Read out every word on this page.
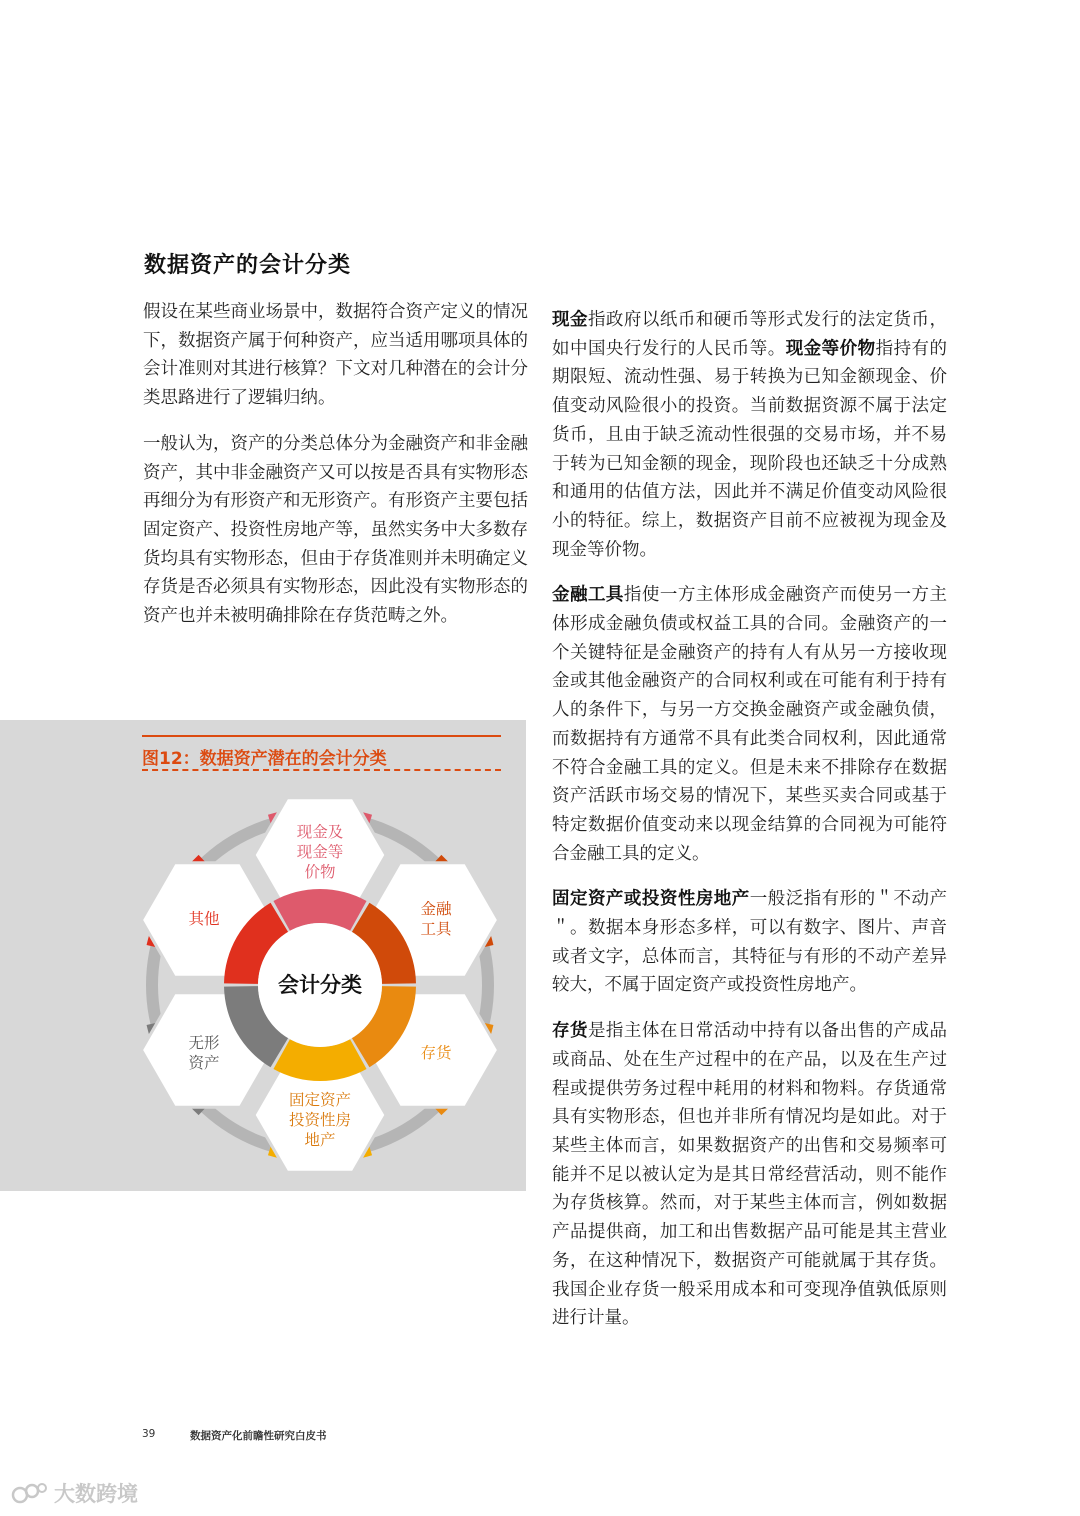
数据资产的会计分类

假设在某些商业场景中，数据符合资产定义的情况下，数据资产属于何种资产，应当适用哪项具体的会计准则对其进行核算？下文对几种潜在的会计分类思路进行了逻辑归纳。

一般认为，资产的分类总体分为金融资产和非金融资产，其中非金融资产又可以按是否具有实物形态再细分为有形资产和无形资产。有形资产主要包括固定资产、投资性房地产等，虽然实务中大多数存货均具有实物形态，但由于存货准则并未明确定义存货是否必须具有实物形态，因此没有实物形态的资产也并未被明确排除在存货范畴之外。

现金指政府以纸币和硬币等形式发行的法定货币，如中国央行发行的人民币等。现金等价物指持有的期限短、流动性强、易于转换为已知金额现金、价值变动风险很小的投资。当前数据资源不属于法定货币，且由于缺乏流动性很强的交易市场，并不易于转为已知金额的现金，现阶段也还缺乏十分成熟和通用的估值方法，因此并不满足价值变动风险很小的特征。综上，数据资产目前不应被视为现金及现金等价物。

金融工具指使一方主体形成金融资产而使另一方主体形成金融负债或权益工具的合同。金融资产的一个关键特征是金融资产的持有人有从另一方接收现金或其他金融资产的合同权利或在可能有利于持有人的条件下，与另一方交换金融资产或金融负债，而数据持有方通常不具有此类合同权利，因此通常不符合金融工具的定义。但是未来不排除存在数据资产活跃市场交易的情况下，某些买卖合同或基于特定数据价值变动来以现金结算的合同视为可能符合金融工具的定义。

固定资产或投资性房地产一般泛指有形的＂不动产＂。数据本身形态多样，可以有数字、图片、声音或者文字，总体而言，其特征与有形的不动产差异较大，不属于固定资产或投资性房地产。

存货是指主体在日常活动中持有以备出售的产成品或商品、处在生产过程中的在产品，以及在生产过程或提供劳务过程中耗用的材料和物料。存货通常具有实物形态，但也并非所有情况均是如此。对于某些主体而言，如果数据资产的出售和交易频率可能并不足以被认定为是其日常经营活动，则不能作为存货核算。然而，对于某些主体而言，例如数据产品提供商，加工和出售数据产品可能是其主营业务，在这种情况下，数据资产可能就属于其存货。我国企业存货一般采用成本和可变现净值孰低原则进行计量。

图12：数据资产潜在的会计分类
会计分类
现金及
现金等
价物
金融
工具
存货
固定资产
投资性房
地产
无形
资产
其他
39	数据资产化前瞻性研究白皮书
大数跨境
